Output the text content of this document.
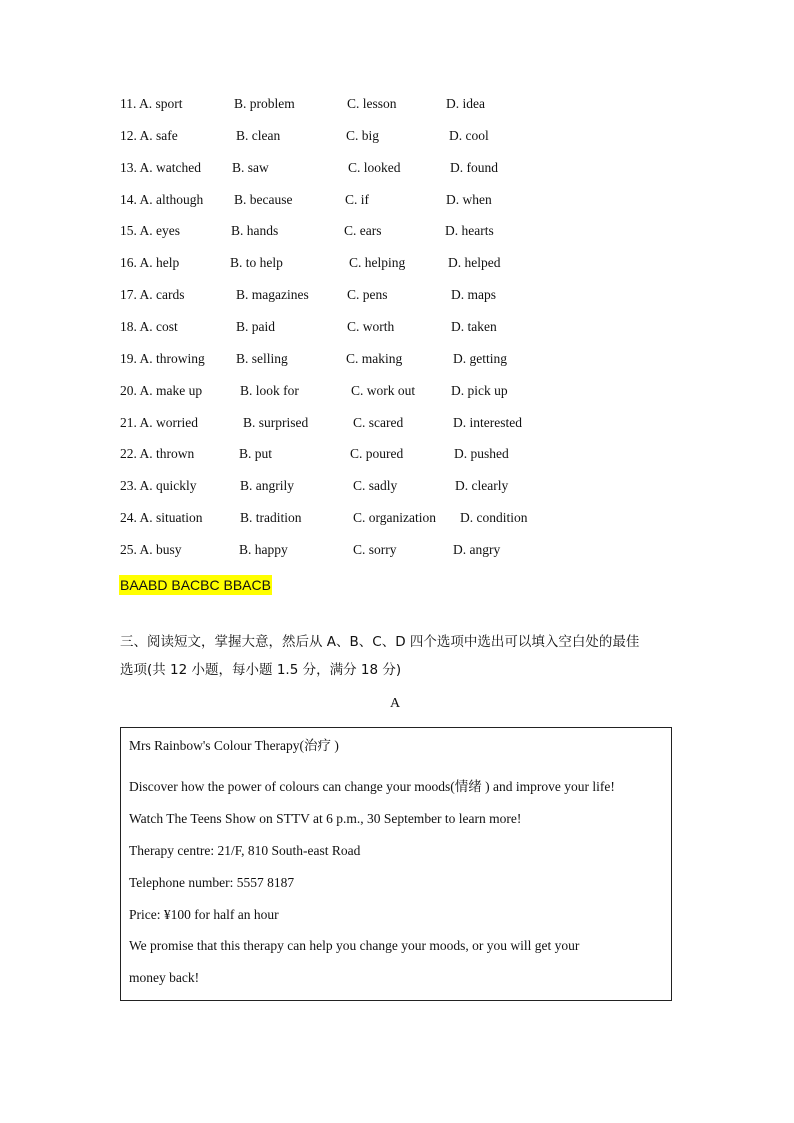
11. A. sport	B. problem	C. lesson	D. idea
12. A. safe	B. clean	C. big	D. cool
13. A. watched B. saw	C. looked	D. found
14. A. although B. because	C. if	D. when
15. A. eyes	B. hands	C. ears	D. hearts
16. A. help	B. to help	C. helping	D. helped
17. A. cards	B. magazines	C. pens	D. maps
18. A. cost	B. paid	C. worth	D. taken
19. A. throwing B. selling	C. making	D. getting
20. A. make up	B. look for	C. work out	D. pick up
21. A. worried	B. surprised	C. scared	D. interested
22. A. thrown	B. put	C. poured	D. pushed
23. A. quickly	B. angrily	C. sadly	D. clearly
24. A. situation	B. tradition	C. organization D. condition
25. A. busy	B. happy	C. sorry	D. angry
BAABD BACBC BBACB
三、阅读短文，掌握大意，然后从 A、B、C、D 四个选项中选出可以填入空白处的最佳
选项(共 12 小题，每小题 1.5 分，满分 18 分)
A
Mrs Rainbow's Colour Therapy(治疗 )
Discover how the power of colours can change your moods(情绪 ) and improve your life!
Watch The Teens Show on STTV at 6 p.m., 30 September to learn more!
Therapy centre: 21/F, 810 South-east Road
Telephone number: 5557 8187
Price: ¥100 for half an hour
We promise that this therapy can help you change your moods, or you will get your
money back!
